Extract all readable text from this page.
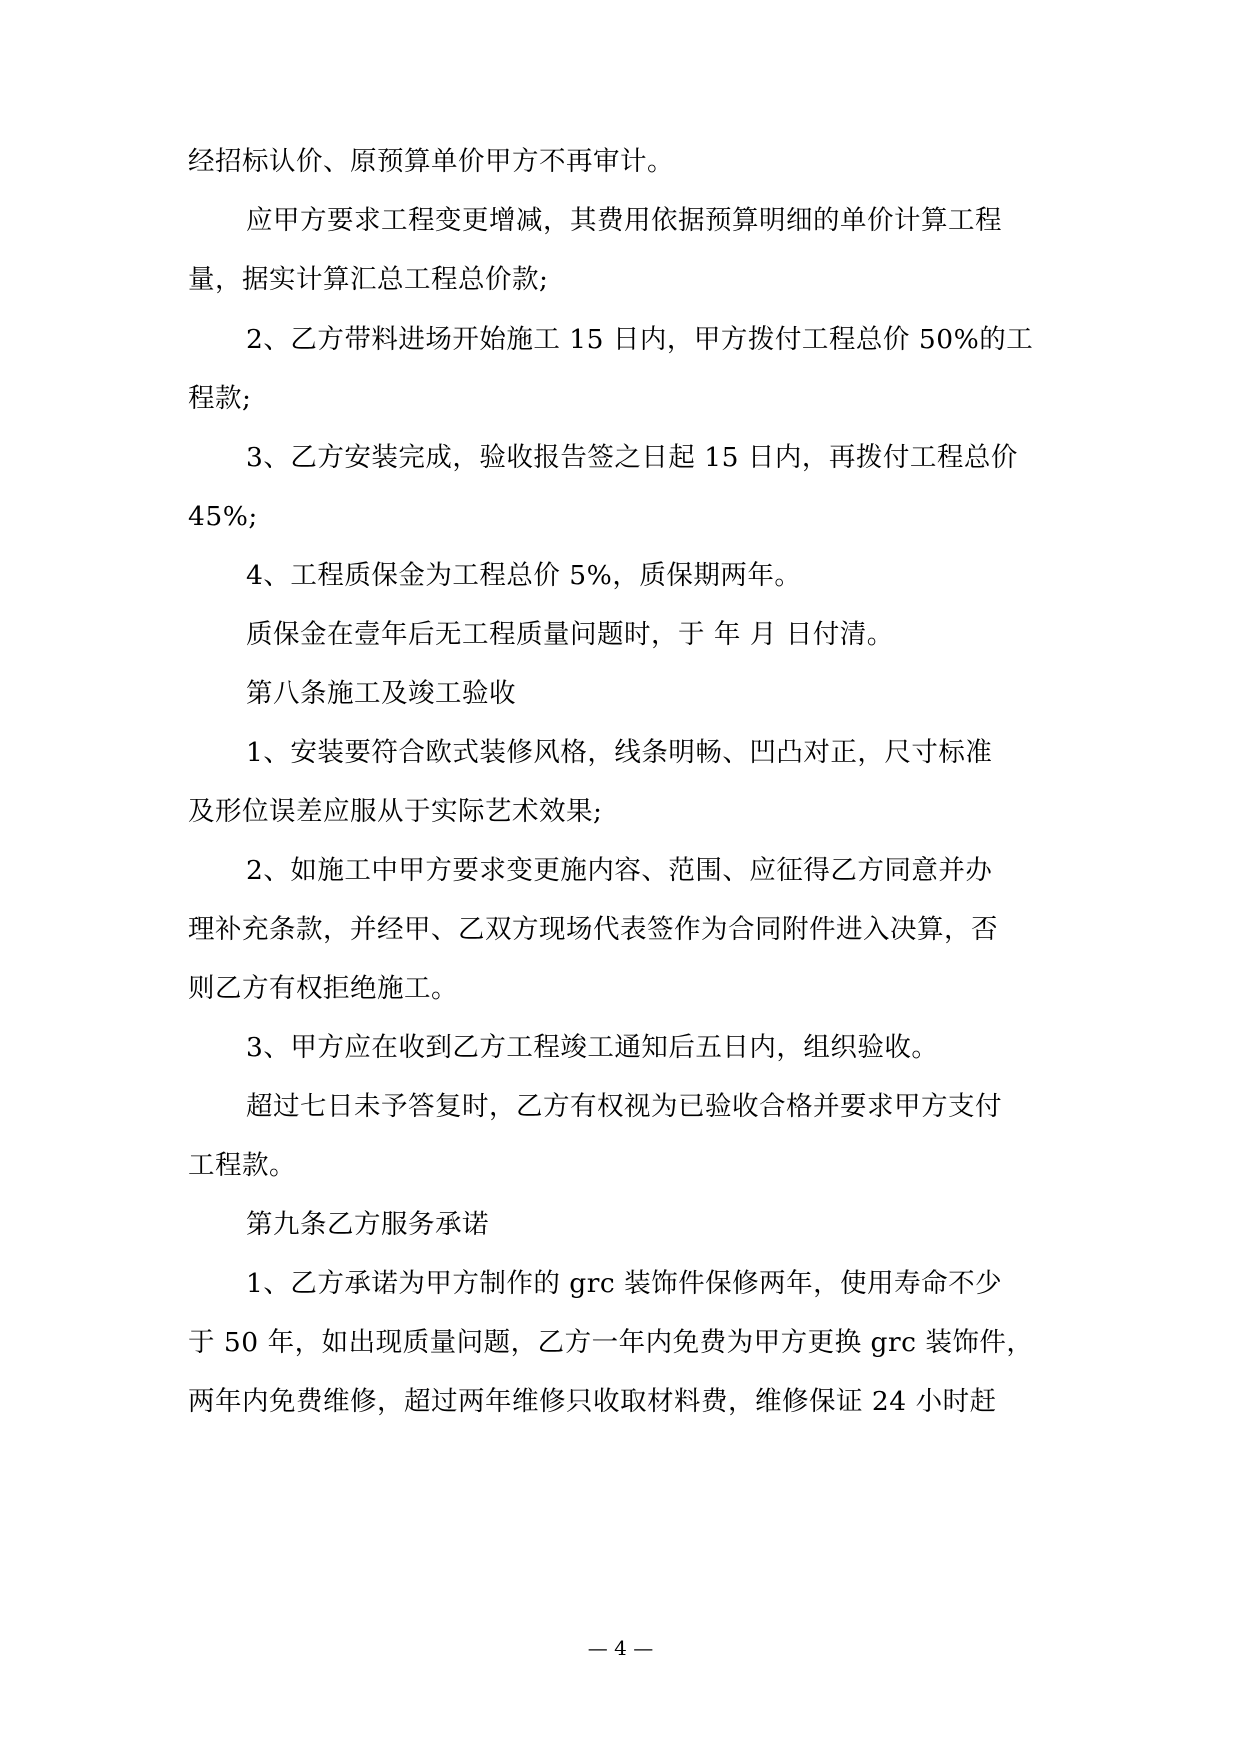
经招标认价、原预算单价甲方不再审计。
应甲方要求工程变更增减，其费用依据预算明细的单价计算工程
量，据实计算汇总工程总价款;
2、乙方带料进场开始施工 15 日内，甲方拨付工程总价 50%的工
程款;
3、乙方安装完成，验收报告签之日起 15 日内，再拨付工程总价
45%;
4、工程质保金为工程总价 5%，质保期两年。
质保金在壹年后无工程质量问题时，于 年 月 日付清。
第八条施工及竣工验收
1、安装要符合欧式装修风格，线条明畅、凹凸对正，尺寸标准
及形位误差应服从于实际艺术效果;
2、如施工中甲方要求变更施内容、范围、应征得乙方同意并办
理补充条款，并经甲、乙双方现场代表签作为合同附件进入决算，否
则乙方有权拒绝施工。
3、甲方应在收到乙方工程竣工通知后五日内，组织验收。
超过七日未予答复时，乙方有权视为已验收合格并要求甲方支付
工程款。
第九条乙方服务承诺
1、乙方承诺为甲方制作的 grc 装饰件保修两年，使用寿命不少
于 50 年，如出现质量问题，乙方一年内免费为甲方更换 grc 装饰件，
两年内免费维修，超过两年维修只收取材料费，维修保证 24 小时赶
— 4 —
